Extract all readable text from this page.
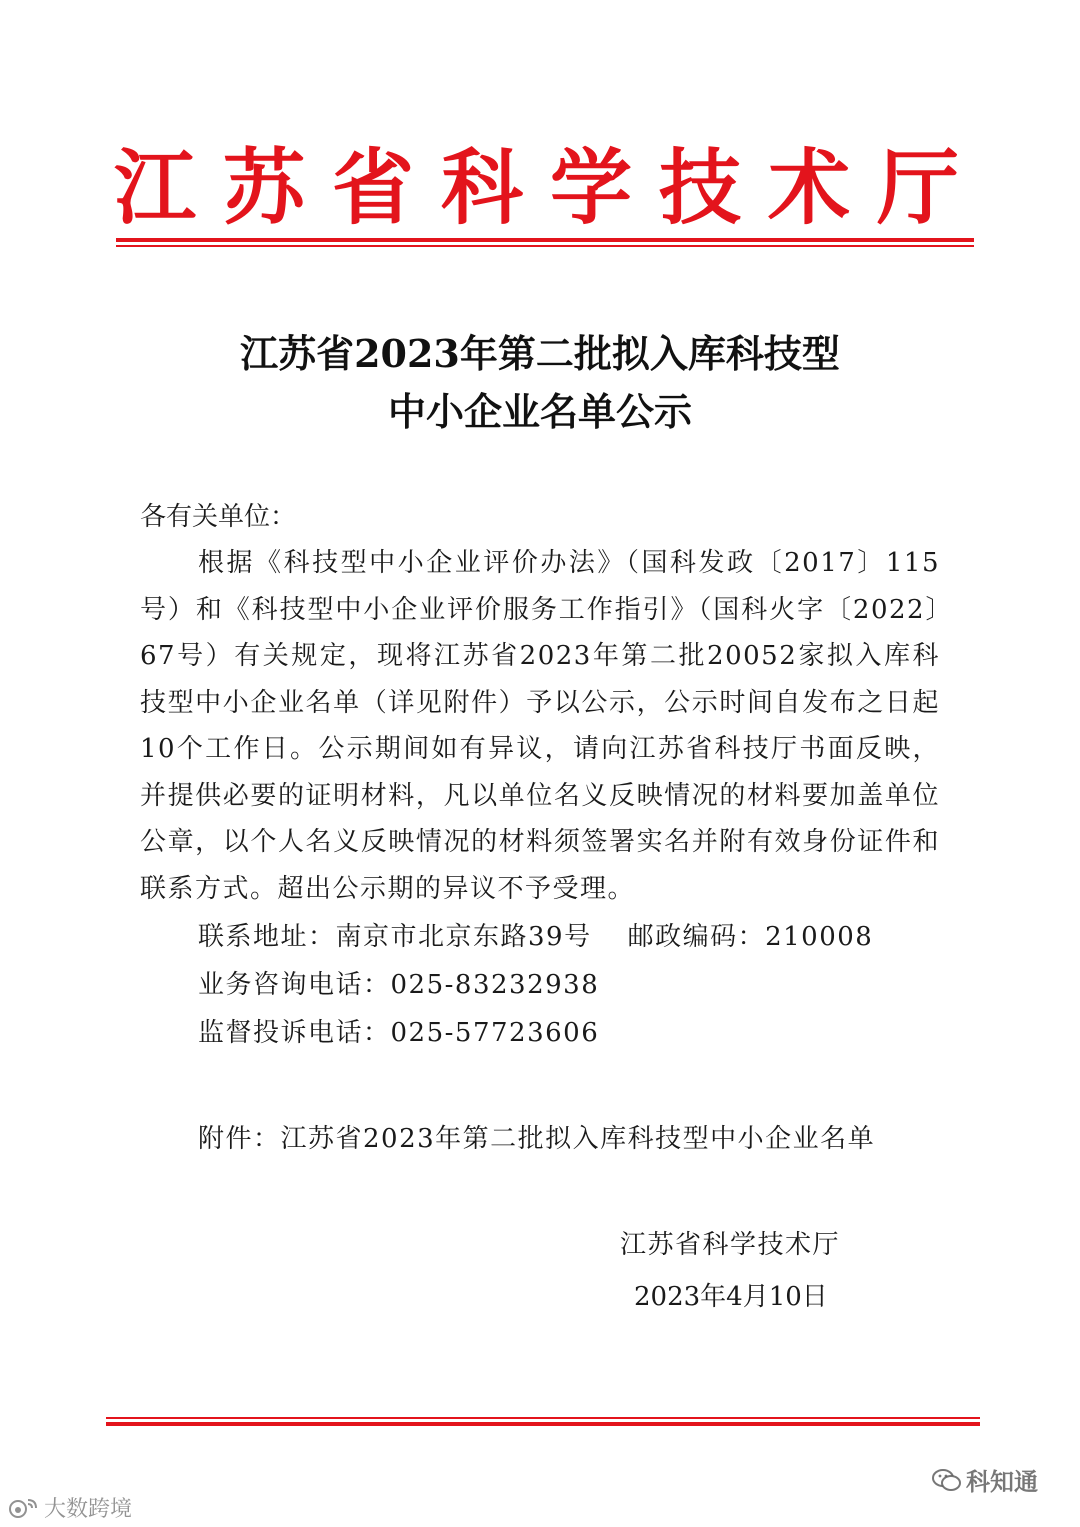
江苏省科学技术厅
江苏省2023年第二批拟入库科技型
中小企业名单公示
各有关单位：
根据《科技型中小企业评价办法》（国科发政〔2017〕115号）和《科技型中小企业评价服务工作指引》（国科火字〔2022〕67号）有关规定，现将江苏省2023年第二批20052家拟入库科技型中小企业名单（详见附件）予以公示，公示时间自发布之日起10个工作日。公示期间如有异议，请向江苏省科技厅书面反映，并提供必要的证明材料，凡以单位名义反映情况的材料要加盖单位公章，以个人名义反映情况的材料须签署实名并附有效身份证件和联系方式。超出公示期的异议不予受理。
联系地址：南京市北京东路39号 邮政编码：210008
业务咨询电话：025-83232938
监督投诉电话：025-57723606
附件：江苏省2023年第二批拟入库科技型中小企业名单
江苏省科学技术厅
2023年4月10日
大数跨境
科知通
